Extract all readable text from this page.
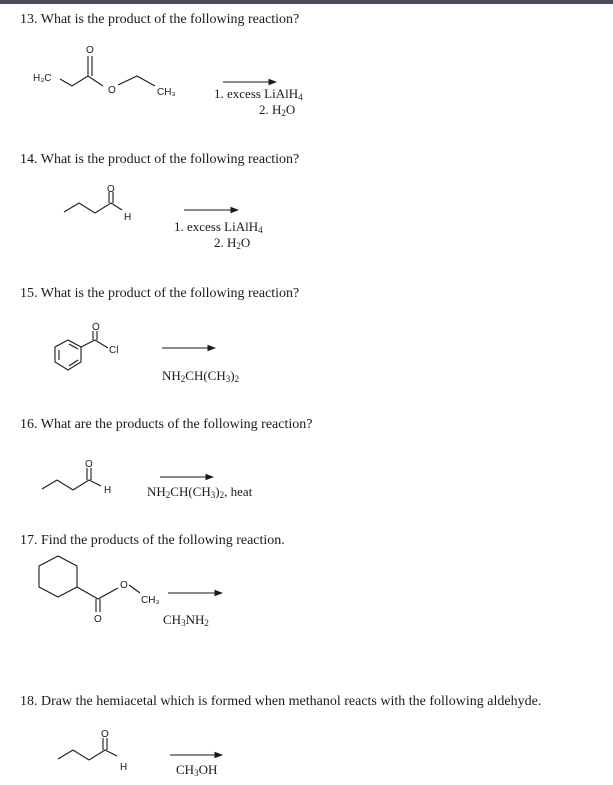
13. What is the product of the following reaction?
14. What is the product of the following reaction?
15. What is the product of the following reaction?
16. What are the products of the following reaction?
17. Find the products of the following reaction.
18. Draw the hemiacetal which is formed when methanol reacts with the following aldehyde.
1. excess LiAlH$_4$
2. $H_2O$
1. excess LiAlH$_4$
2. $H_2O$
$NH_2CH(CH_3)_2$
$NH_2CH(CH_3)_2$, heat
$CH_3NH_2$
$CH_3OH$
H₃C
O
O	CH₃
O
H
O
Cl
O
H
O
O
CH₃
O
H
